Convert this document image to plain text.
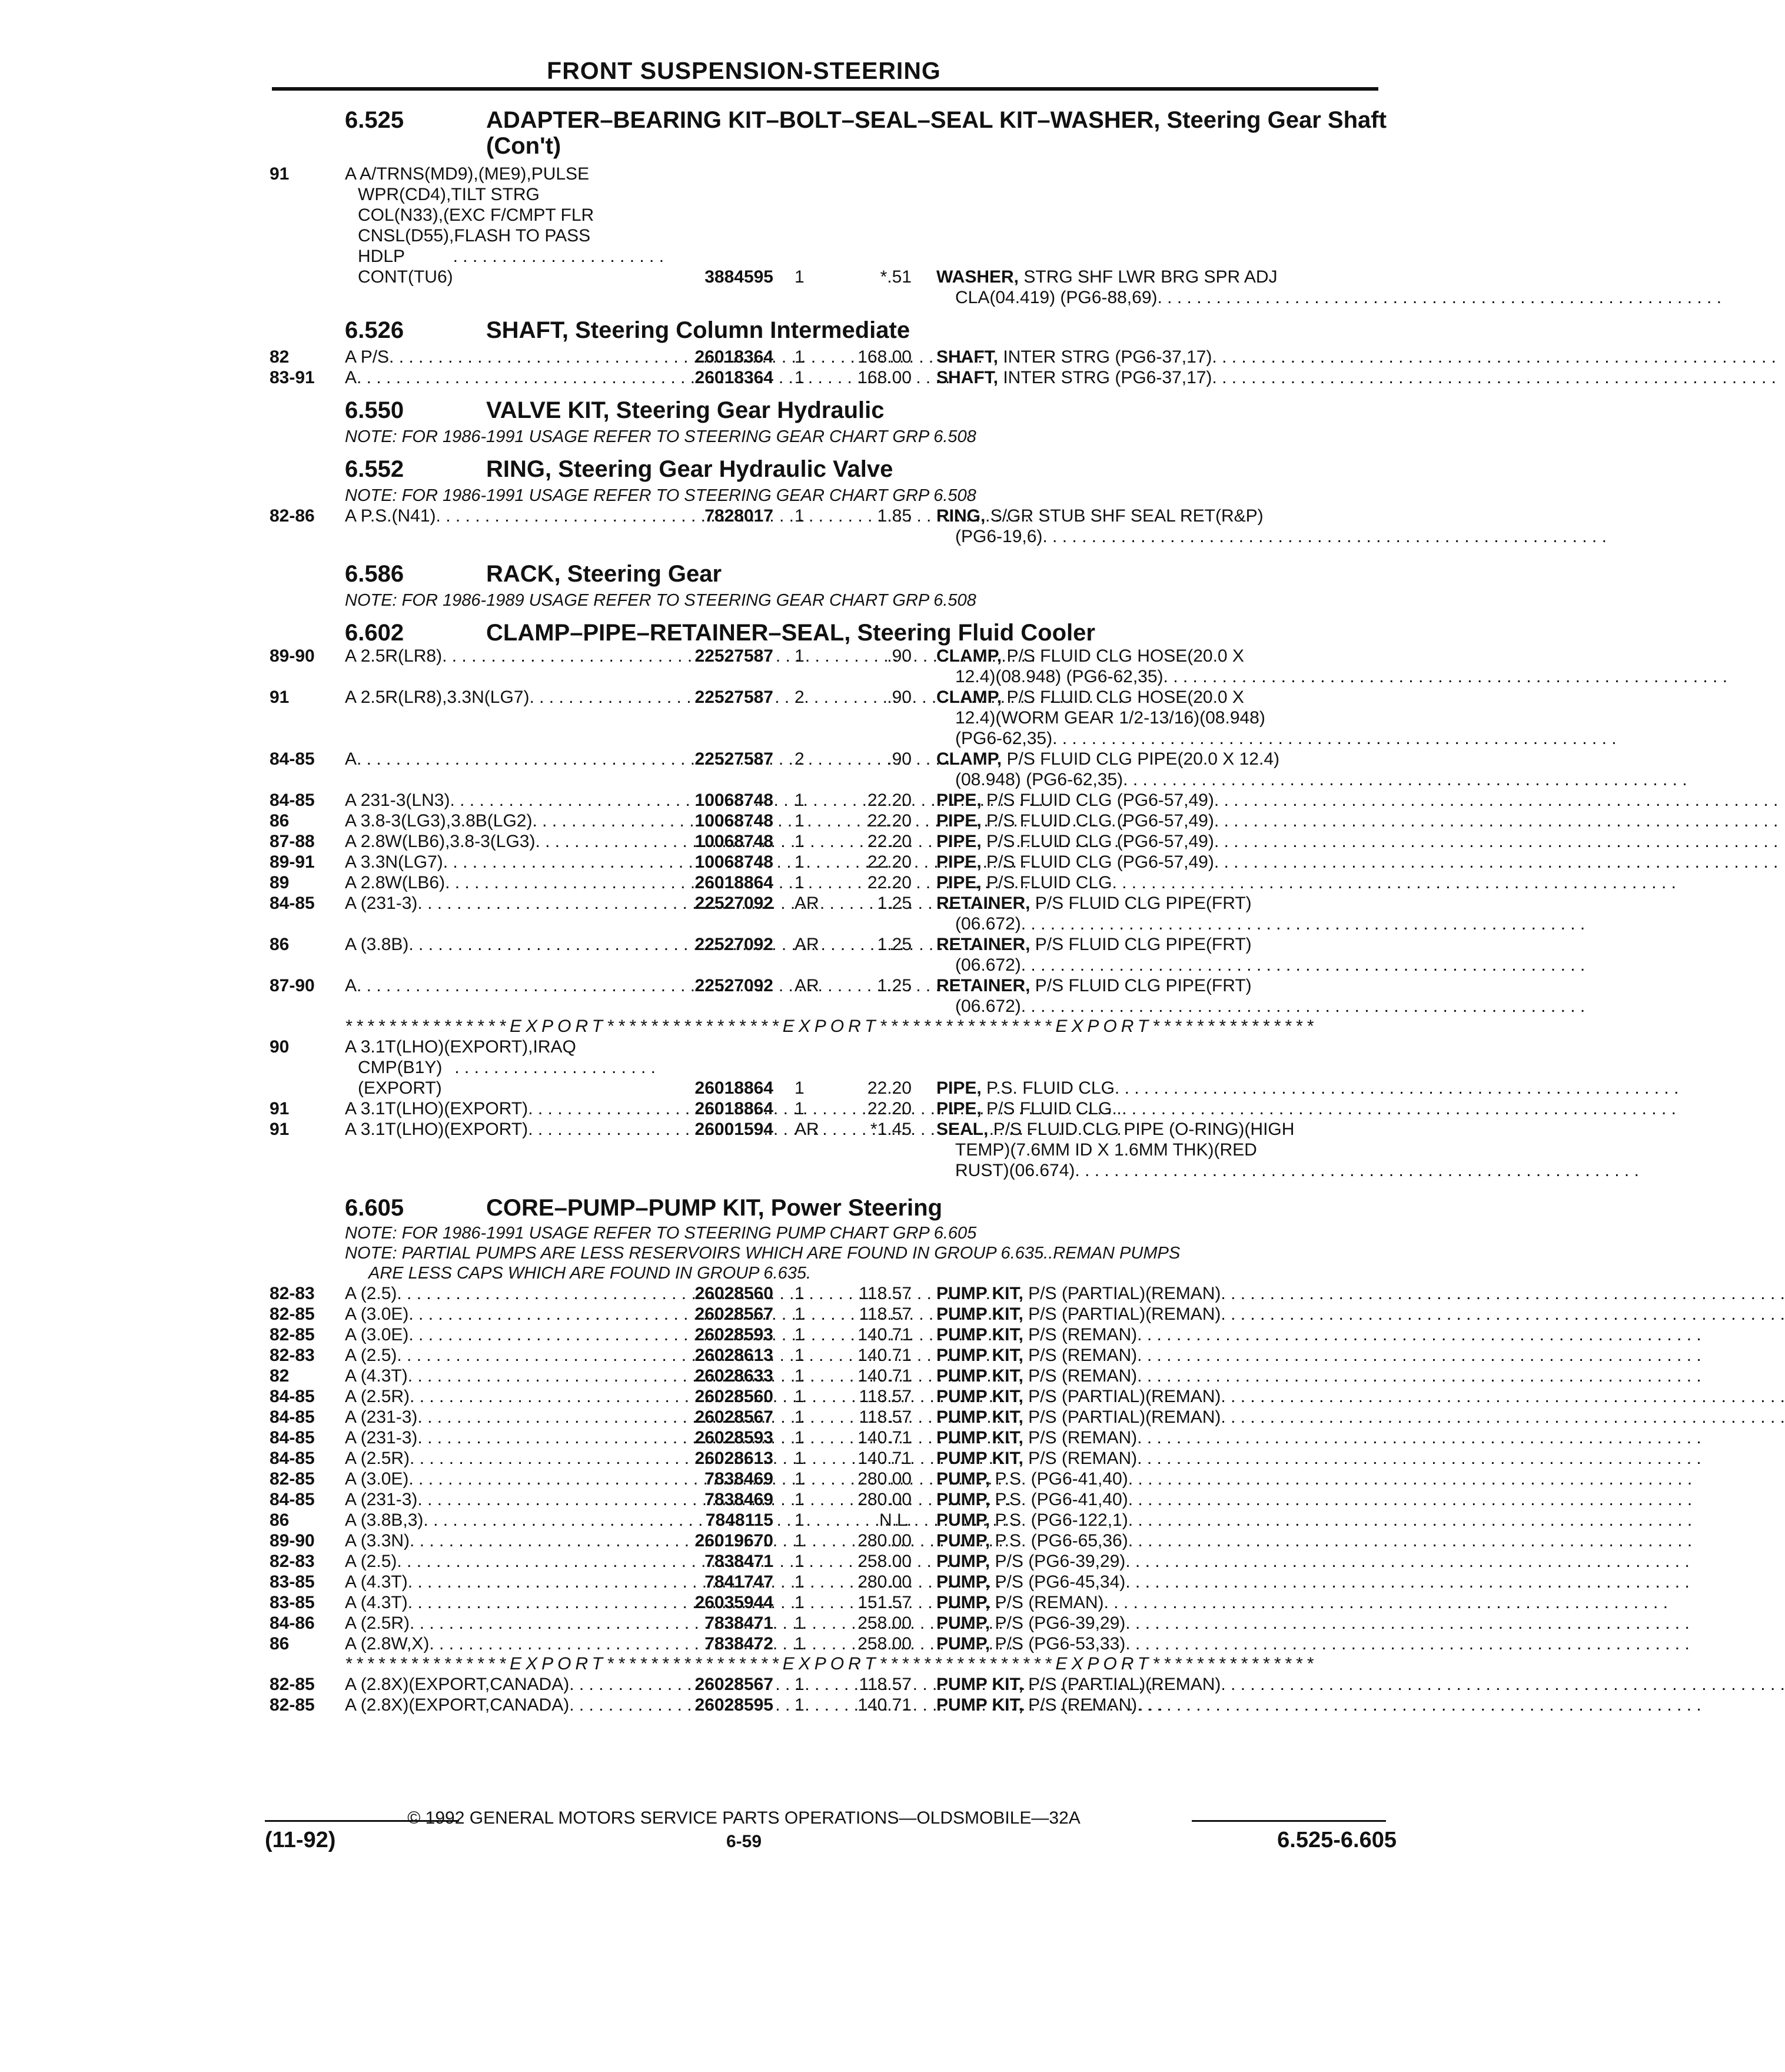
FRONT SUSPENSION-STEERING
6.525	ADAPTER–BEARING KIT–BOLT–SEAL–SEAL KIT–WASHER, Steering Gear Shaft (Con't)
91	A A/TRNS(MD9),(ME9),PULSE
WPR(CD4),TILT STRG
COL(N33),(EXC F/CMPT FLR
CNSL(D55),FLASH TO PASS
HDLP CONT(TU6)
. . . . . . . . . . . . . . . . . . . . . .
3884595	1	*.51 WASHER,
STRG SHF LWR BRG SPR ADJ
CLA(04.419) (PG6-88,69)
. . .
6.526	SHAFT, Steering Column Intermediate
82	A P/S . . .	26018364	1	168.00 SHAFT,
INTER STRG (PG6-37,17)
. . .
83-91	A . . .	26018364	1	168.00 SHAFT,
INTER STRG (PG6-37,17)
. . .
6.550	VALVE KIT, Steering Gear Hydraulic
NOTE: FOR 1986-1991 USAGE REFER TO STEERING GEAR CHART GRP 6.508
6.552	RING, Steering Gear Hydraulic Valve
NOTE: FOR 1986-1991 USAGE REFER TO STEERING GEAR CHART GRP 6.508
82-86	A P.S.(N41) . . .	7828017	1	1.85 RING,
S/GR STUB SHF SEAL RET(R&P)
(PG6-19,6)
. . .
6.586	RACK, Steering Gear
NOTE: FOR 1986-1989 USAGE REFER TO STEERING GEAR CHART GRP 6.508
6.602	CLAMP–PIPE–RETAINER–SEAL, Steering Fluid Cooler
89-90	A 2.5R(LR8) . . .	22527587	1	.90 CLAMP,
P/S FLUID CLG HOSE(20.0 X
12.4)(08.948) (PG6-62,35)
. . .
91	A 2.5R(LR8),3.3N(LG7) . . .	22527587	2	.90 CLAMP,
P/S FLUID CLG HOSE(20.0 X
12.4)(WORM GEAR 1/2-13/16)(08.948)
(PG6-62,35)
. . .
84-85	A . . .	22527587	2	.90 CLAMP,
P/S FLUID CLG PIPE(20.0 X 12.4)
(08.948) (PG6-62,35)
. . .
84-85	A 231-3(LN3) . . .	10068748	1	22.20 PIPE,
P/S FLUID CLG (PG6-57,49)
. . .
86	A 3.8-3(LG3),3.8B(LG2) . . .	10068748	1	22.20 PIPE,
P/S FLUID CLG (PG6-57,49)
. . .
87-88	A 2.8W(LB6),3.8-3(LG3) . . .	10068748	1	22.20 PIPE,
P/S FLUID CLG (PG6-57,49)
. . .
89-91	A 3.3N(LG7) . . .	10068748	1	22.20 PIPE,
P/S FLUID CLG (PG6-57,49)
. . .
89	A 2.8W(LB6) . . .	26018864	1	22.20 PIPE,
P/S FLUID CLG
. . .
84-85	A (231-3) . . .	22527092	AR	1.25 RETAINER,
P/S FLUID CLG PIPE(FRT)
(06.672)
. . .
86	A (3.8B) . . .	22527092	AR	1.25 RETAINER,
P/S FLUID CLG PIPE(FRT)
(06.672)
. . .
87-90	A . . .	22527092	AR	1.25 RETAINER,
P/S FLUID CLG PIPE(FRT)
(06.672)
. . .
***************EXPORT****************EXPORT****************EXPORT***************
90	A 3.1T(LHO)(EXPORT),IRAQ
CMP(B1Y)(EXPORT)
. . . . . . . . . . . . . . . . . . . . .
26018864	1	22.20 PIPE,
P.S. FLUID CLG
. . .
91	A 3.1T(LHO)(EXPORT) . . .	26018864	1	22.20 PIPE,
P/S FLUID CLG
. . .
91	A 3.1T(LHO)(EXPORT) . . .	26001594	AR	*1.45 SEAL,
P/S FLUID CLG PIPE (O-RING)(HIGH
TEMP)(7.6MM ID X 1.6MM THK)(RED
RUST)(06.674)
. . .
6.605	CORE–PUMP–PUMP KIT, Power Steering
NOTE: FOR 1986-1991 USAGE REFER TO STEERING PUMP CHART GRP 6.605
NOTE: PARTIAL PUMPS ARE LESS RESERVOIRS WHICH ARE FOUND IN GROUP 6.635..REMAN PUMPS
ARE LESS CAPS WHICH ARE FOUND IN GROUP 6.635.
82-83	A (2.5) . . .	26028560	1	118.57 PUMP KIT,
P/S (PARTIAL)(REMAN)
. . .
82-85	A (3.0E) . . .	26028567	1	118.57 PUMP KIT,
P/S (PARTIAL)(REMAN)
. . .
82-85	A (3.0E) . . .	26028593	1	140.71 PUMP KIT,
P/S (REMAN)
. . .
82-83	A (2.5) . . .	26028613	1	140.71 PUMP KIT,
P/S (REMAN)
. . .
82	A (4.3T) . . .	26028633	1	140.71 PUMP KIT,
P/S (REMAN)
. . .
84-85	A (2.5R) . . .	26028560	1	118.57 PUMP KIT,
P/S (PARTIAL)(REMAN)
. . .
84-85	A (231-3) . . .	26028567	1	118.57 PUMP KIT,
P/S (PARTIAL)(REMAN)
. . .
84-85	A (231-3) . . .	26028593	1	140.71 PUMP KIT,
P/S (REMAN)
. . .
84-85	A (2.5R) . . .	26028613	1	140.71 PUMP KIT,
P/S (REMAN)
. . .
82-85	A (3.0E) . . .	7838469	1	280.00 PUMP,
P.S. (PG6-41,40)
. . .
84-85	A (231-3) . . .	7838469	1	280.00 PUMP,
P.S. (PG6-41,40)
. . .
86	A (3.8B,3) . . .	7848115	1	N.L. PUMP,
P.S. (PG6-122,1)
. . .
89-90	A (3.3N) . . .	26019670	1	280.00 PUMP,
P.S. (PG6-65,36)
. . .
82-83	A (2.5) . . .	7838471	1	258.00 PUMP,
P/S (PG6-39,29)
. . .
83-85	A (4.3T) . . .	7841747	1	280.00 PUMP,
P/S (PG6-45,34)
. . .
83-85	A (4.3T) . . .	26035944	1	151.57 PUMP,
P/S (REMAN)
. . .
84-86	A (2.5R) . . .	7838471	1	258.00 PUMP,
P/S (PG6-39,29)
. . .
86	A (2.8W,X) . . .	7838472	1	258.00 PUMP,
P/S (PG6-53,33)
. . .
***************EXPORT****************EXPORT****************EXPORT***************
82-85	A (2.8X)(EXPORT,CANADA) . . .	26028567	1	118.57 PUMP KIT,
P/S (PARTIAL)(REMAN)
. . .
82-85	A (2.8X)(EXPORT,CANADA) . . .	26028595	1	140.71 PUMP KIT,
P/S (REMAN)
. . .
© 1992 GENERAL MOTORS SERVICE PARTS OPERATIONS—OLDSMOBILE—32A
(11-92)	6-59	6.525-6.605
